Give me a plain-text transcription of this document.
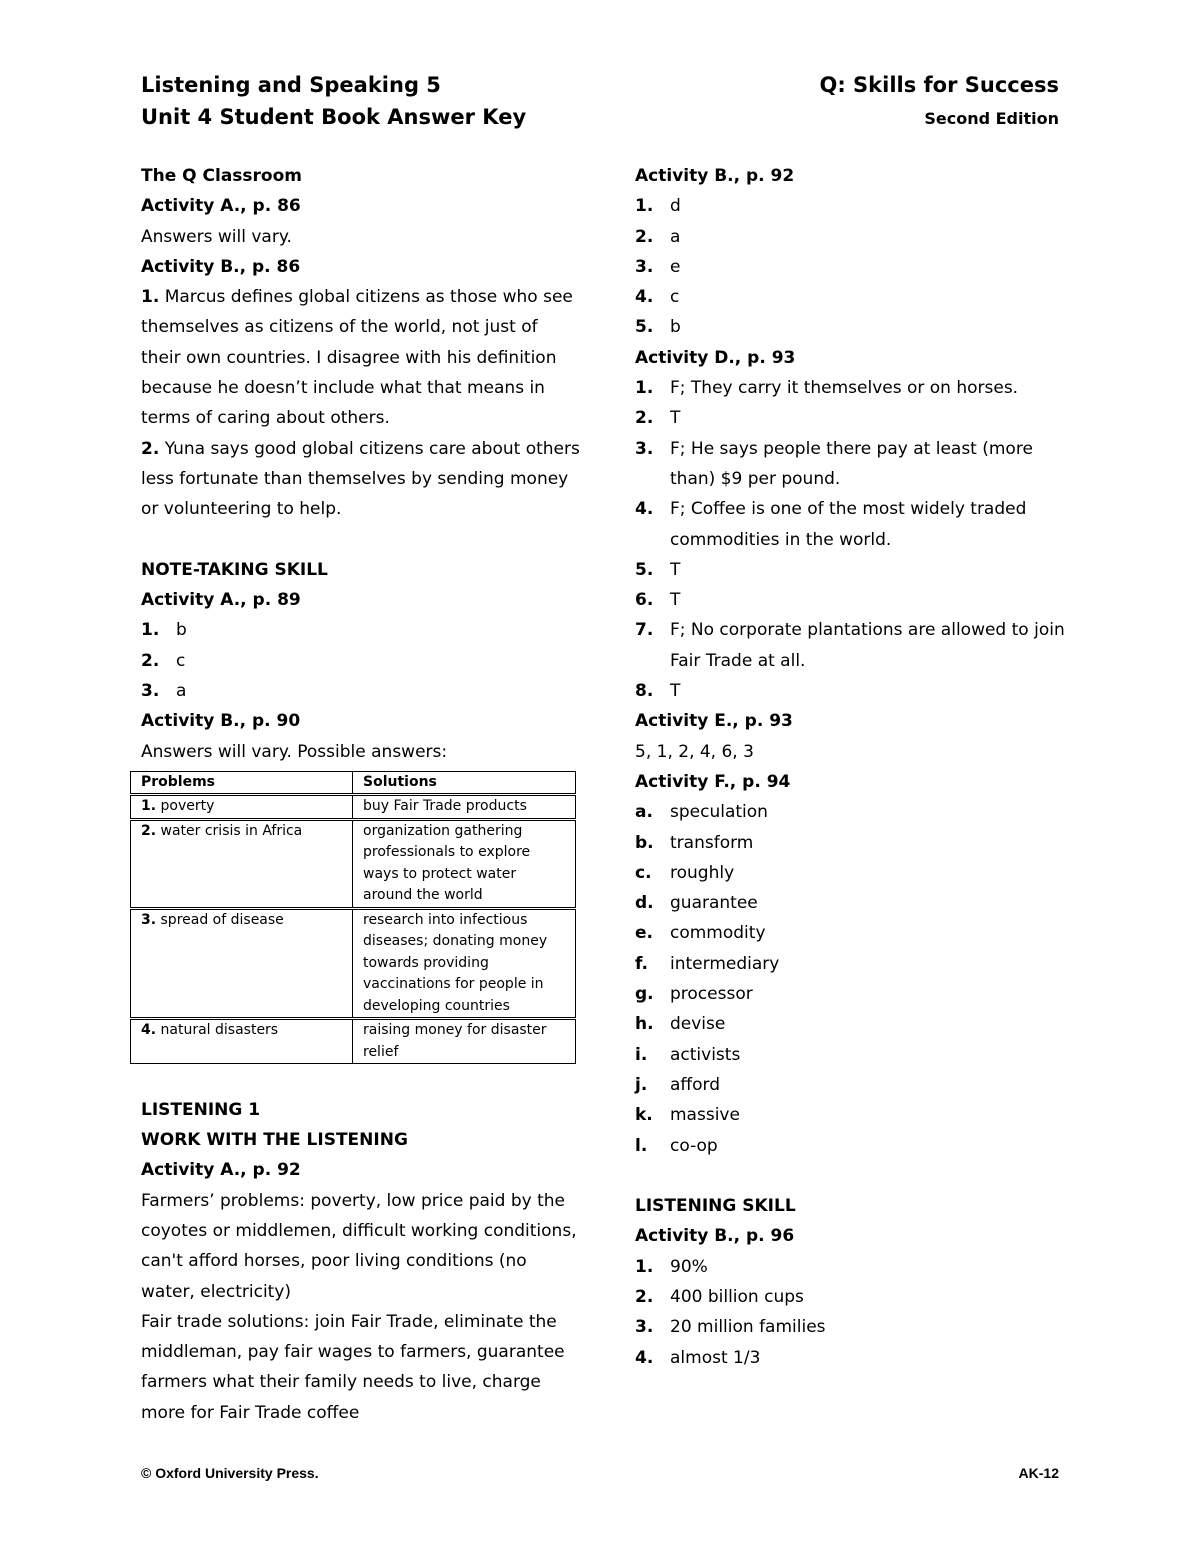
Listening and Speaking 5
Unit 4 Student Book Answer Key
Q: Skills for Success
Second Edition

The Q Classroom

Activity A., p. 86

Answers will vary.

Activity B., p. 86

1. Marcus defines global citizens as those who see themselves as citizens of the world, not just of their own countries. I disagree with his definition because he doesn’t include what that means in terms of caring about others.

2. Yuna says good global citizens care about others less fortunate than themselves by sending money or volunteering to help.

NOTE-TAKING SKILL

Activity A., p. 89

1. b
2. c
3. a

Activity B., p. 90

Answers will vary. Possible answers:

Problems	Solutions
1. poverty	buy Fair Trade products
2. water crisis in Africa	organization gathering professionals to explore ways to protect water around the world
3. spread of disease	research into infectious diseases; donating money towards providing vaccinations for people in developing countries
4. natural disasters	raising money for disaster relief

LISTENING 1

WORK WITH THE LISTENING

Activity A., p. 92

Farmers’ problems: poverty, low price paid by the coyotes or middlemen, difficult working conditions, can't afford horses, poor living conditions (no water, electricity)

Fair trade solutions: join Fair Trade, eliminate the middleman, pay fair wages to farmers, guarantee farmers what their family needs to live, charge more for Fair Trade coffee

Activity B., p. 92

1. d
2. a
3. e
4. c
5. b

Activity D., p. 93

1. F; They carry it themselves or on horses.
2. T
3. F; He says people there pay at least (more than) $9 per pound.
4. F; Coffee is one of the most widely traded commodities in the world.
5. T
6. T
7. F; No corporate plantations are allowed to join Fair Trade at all.
8. T

Activity E., p. 93

5, 1, 2, 4, 6, 3

Activity F., p. 94

a.	speculation
b. transform
c.	roughly
d. guarantee
e.	commodity
f.	intermediary
g. processor
h. devise
i.	activists
j.	afford
k.	massive
l.	co-op

LISTENING SKILL

Activity B., p. 96

1. 90%
2. 400 billion cups
3. 20 million families
4. almost 1/3
© Oxford University Press.	AK-12
